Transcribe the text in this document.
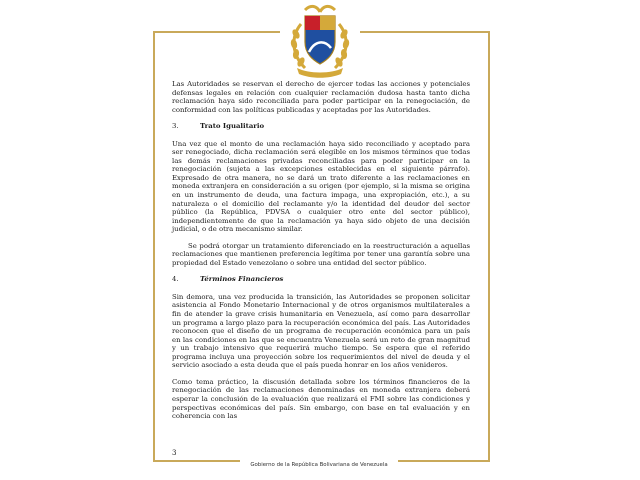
Las Autoridades se reservan el derecho de ejercer todas las acciones y potenciales defensas legales en relación con cualquier reclamación dudosa hasta tanto dicha reclamación haya sido reconciliada para poder participar en la renegociación, de conformidad con las políticas publicadas y aceptadas por las Autoridades.

3.	Trato Igualitario

Una vez que el monto de una reclamación haya sido reconciliado y aceptado para ser renegociado, dicha reclamación será elegible en los mismos términos que todas las demás reclamaciones privadas reconciliadas para poder participar en la renegociación (sujeta a las excepciones establecidas en el siguiente párrafo). Expresado de otra manera, no se dará un trato diferente a las reclamaciones en moneda extranjera en consideración a su origen (por ejemplo, si la misma se origina en un instrumento de deuda, una factura impaga, una expropiación, etc.), a su naturaleza o el domicilio del reclamante y/o la identidad del deudor del sector público (la República, PDVSA o cualquier otro ente del sector público), independientemente de que la reclamación ya haya sido objeto de una decisión judicial, o de otra mecanismo similar.

Se podrá otorgar un tratamiento diferenciado en la reestructuración a aquellas reclamaciones que mantienen preferencia legítima por tener una garantía sobre una propiedad del Estado venezolano o sobre una entidad del sector público.

4.	Términos Financieros

Sin demora, una vez producida la transición, las Autoridades se proponen solicitar asistencia al Fondo Monetario Internacional y de otros organismos multilaterales a fin de atender la grave crisis humanitaria en Venezuela, así como para desarrollar un programa a largo plazo para la recuperación económica del país. Las Autoridades reconocen que el diseño de un programa de recuperación económica para un país en las condiciones en las que se encuentra Venezuela será un reto de gran magnitud y un trabajo intensivo que requerirá mucho tiempo. Se espera que el referido programa incluya una proyección sobre los requerimientos del nivel de deuda y el servicio asociado a esta deuda que el país pueda honrar en los años venideros.

Como tema práctico, la discusión detallada sobre los términos financieros de la renegociación de las reclamaciones denominadas en moneda extranjera deberá esperar la conclusión de la evaluación que realizará el FMI sobre las condiciones y perspectivas económicas del país. Sin embargo, con base en tal evaluación y en coherencia con las

3
Gobierno de la República Bolivariana de Venezuela
